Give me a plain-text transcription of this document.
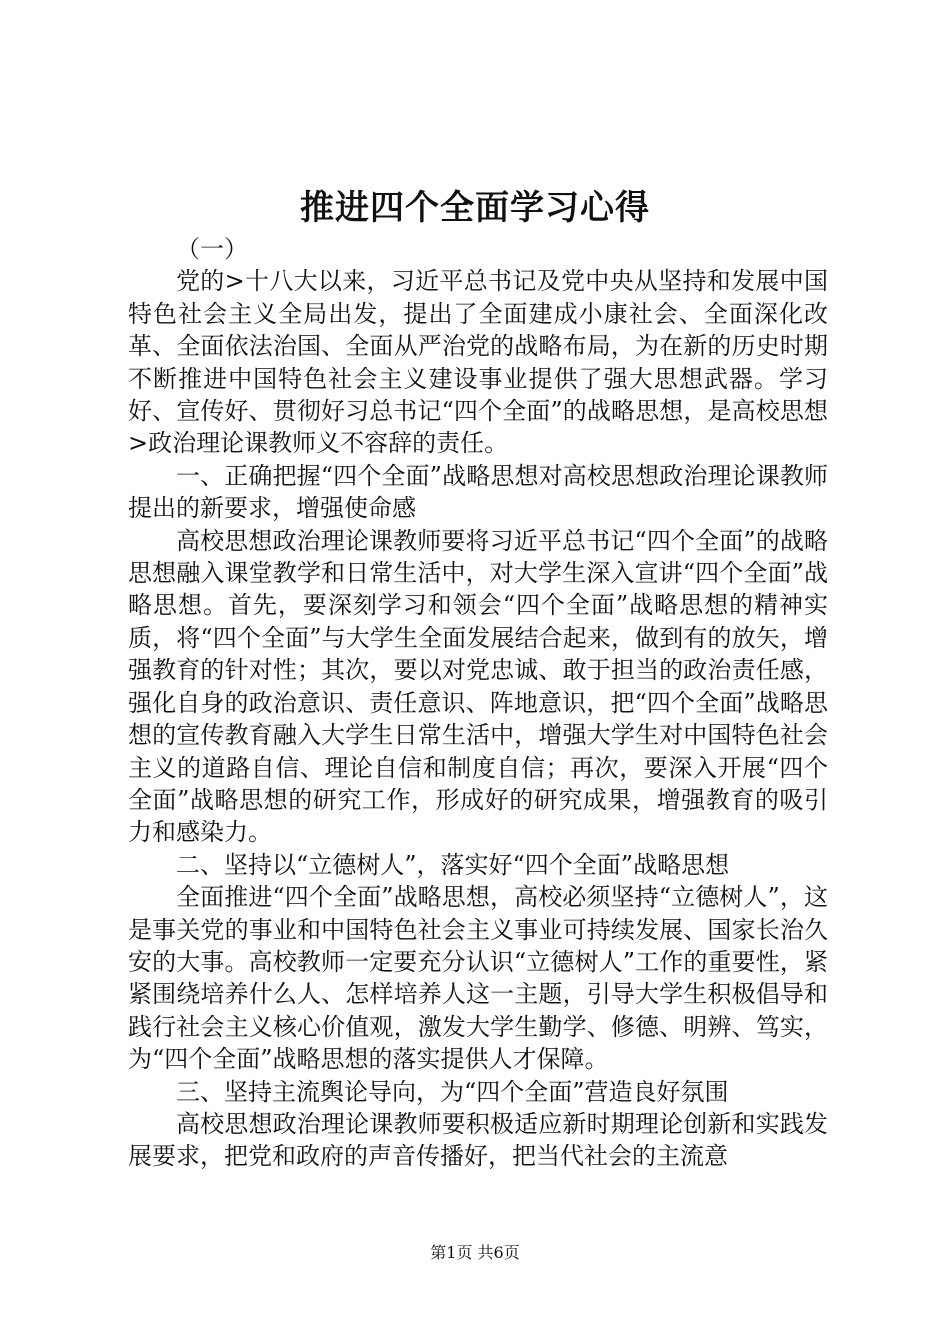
推进四个全面学习心得

（一）

党的>十八大以来，习近平总书记及党中央从坚持和发展中国特色社会主义全局出发，提出了全面建成小康社会、全面深化改革、全面依法治国、全面从严治党的战略布局，为在新的历史时期不断推进中国特色社会主义建设事业提供了强大思想武器。学习好、宣传好、贯彻好习总书记“四个全面”的战略思想，是高校思想>政治理论课教师义不容辞的责任。

一、正确把握“四个全面”战略思想对高校思想政治理论课教师提出的新要求，增强使命感

高校思想政治理论课教师要将习近平总书记“四个全面”的战略思想融入课堂教学和日常生活中，对大学生深入宣讲“四个全面”战略思想。首先，要深刻学习和领会“四个全面”战略思想的精神实质，将“四个全面”与大学生全面发展结合起来，做到有的放矢，增强教育的针对性；其次，要以对党忠诚、敢于担当的政治责任感，强化自身的政治意识、责任意识、阵地意识，把“四个全面”战略思想的宣传教育融入大学生日常生活中，增强大学生对中国特色社会主义的道路自信、理论自信和制度自信；再次，要深入开展“四个全面”战略思想的研究工作，形成好的研究成果，增强教育的吸引力和感染力。

二、坚持以“立德树人”，落实好“四个全面”战略思想

全面推进“四个全面”战略思想，高校必须坚持“立德树人”，这是事关党的事业和中国特色社会主义事业可持续发展、国家长治久安的大事。高校教师一定要充分认识“立德树人”工作的重要性，紧紧围绕培养什么人、怎样培养人这一主题，引导大学生积极倡导和践行社会主义核心价值观，激发大学生勤学、修德、明辨、笃实，为“四个全面”战略思想的落实提供人才保障。

三、坚持主流舆论导向，为“四个全面”营造良好氛围

高校思想政治理论课教师要积极适应新时期理论创新和实践发展要求，把党和政府的声音传播好，把当代社会的主流意

第1页 共6页
